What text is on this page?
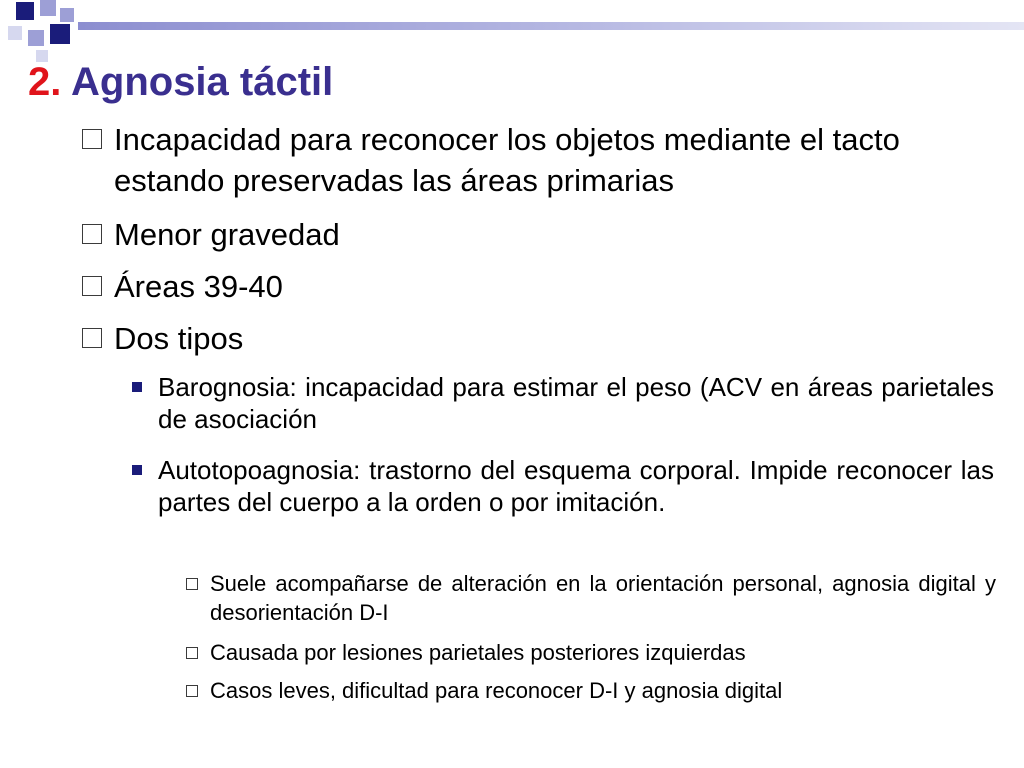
2. Agnosia táctil
Incapacidad para reconocer los objetos mediante el tacto estando preservadas las áreas primarias
Menor gravedad
Áreas 39-40
Dos tipos
Barognosia: incapacidad para estimar el peso (ACV en áreas parietales de asociación
Autotopoagnosia: trastorno del esquema corporal. Impide reconocer las partes del cuerpo a la orden o por imitación.
Suele acompañarse de alteración en la orientación personal, agnosia digital y desorientación D-I
Causada por lesiones parietales posteriores izquierdas
Casos leves, dificultad para reconocer D-I y agnosia digital
